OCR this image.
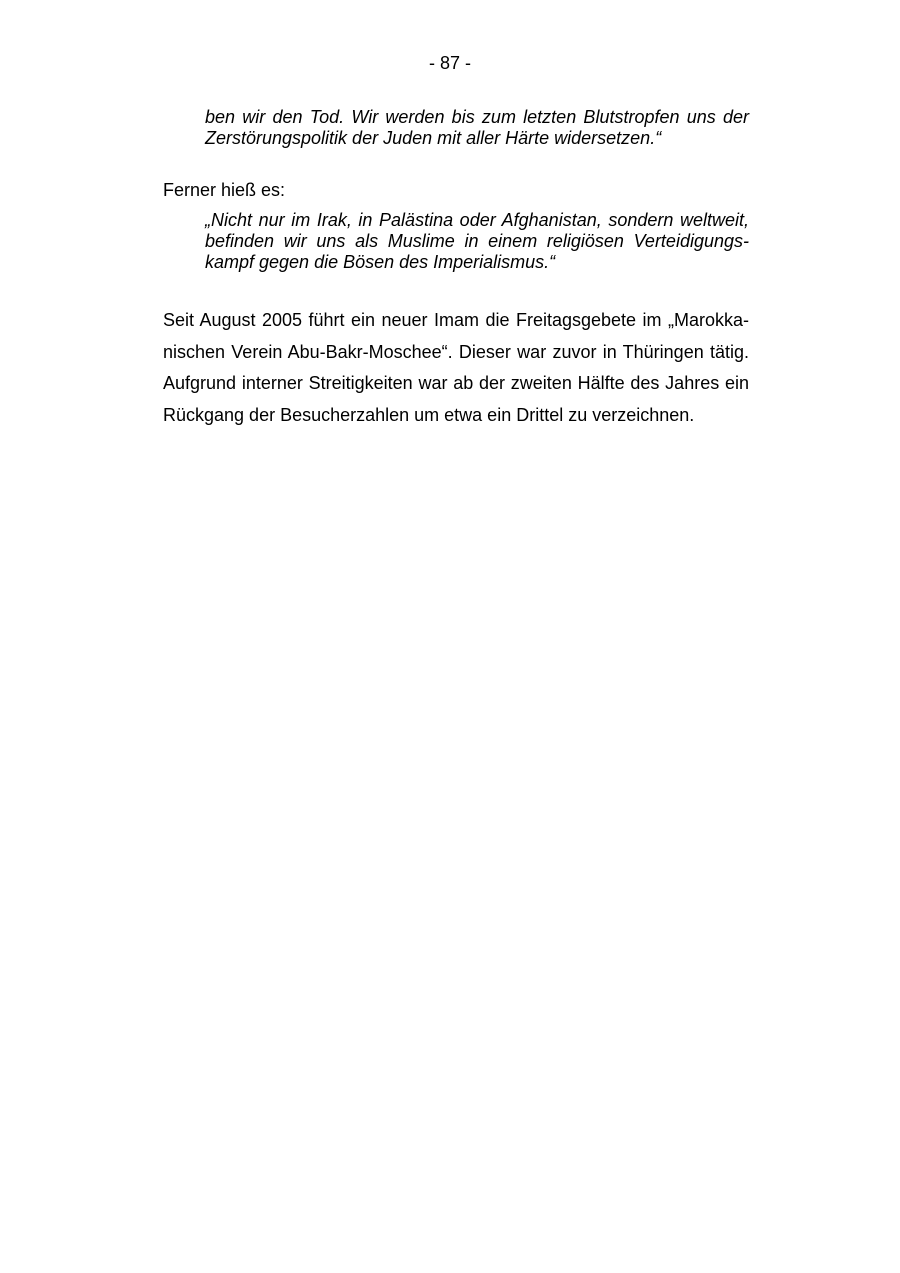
- 87 -
ben wir den Tod. Wir werden bis zum letzten Blutstropfen uns der
Zerstörungspolitik der Juden mit aller Härte widersetzen.“
Ferner hieß es:
„Nicht nur im Irak, in Palästina oder Afghanistan, sondern weltweit,
befinden wir uns als Muslime in einem religiösen Verteidigungs-
kampf gegen die Bösen des Imperialismus.“
Seit August 2005 führt ein neuer Imam die Freitagsgebete im „Marokka-
nischen Verein Abu-Bakr-Moschee“. Dieser war zuvor in Thüringen tätig.
Aufgrund interner Streitigkeiten war ab der zweiten Hälfte des Jahres ein
Rückgang der Besucherzahlen um etwa ein Drittel zu verzeichnen.
